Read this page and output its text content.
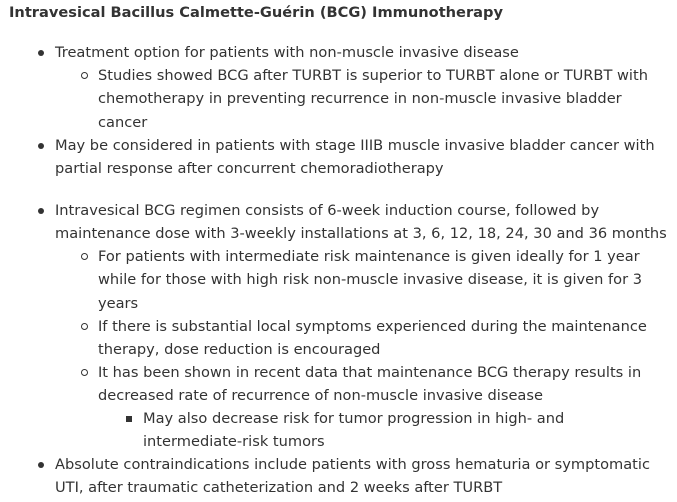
Intravesical Bacillus Calmette-Guérin (BCG) Immunotherapy
Treatment option for patients with non-muscle invasive disease
Studies showed BCG after TURBT is superior to TURBT alone or TURBT with
chemotherapy in preventing recurrence in non-muscle invasive bladder
cancer
May be considered in patients with stage IIIB muscle invasive bladder cancer with
partial response after concurrent chemoradiotherapy
Intravesical BCG regimen consists of 6-week induction course, followed by
maintenance dose with 3-weekly installations at 3, 6, 12, 18, 24, 30 and 36 months
For patients with intermediate risk maintenance is given ideally for 1 year
while for those with high risk non-muscle invasive disease, it is given for 3
years
If there is substantial local symptoms experienced during the maintenance
therapy, dose reduction is encouraged
It has been shown in recent data that maintenance BCG therapy results in
decreased rate of recurrence of non-muscle invasive disease
May also decrease risk for tumor progression in high- and
intermediate-risk tumors
Absolute contraindications include patients with gross hematuria or symptomatic
UTI, after traumatic catheterization and 2 weeks after TURBT
